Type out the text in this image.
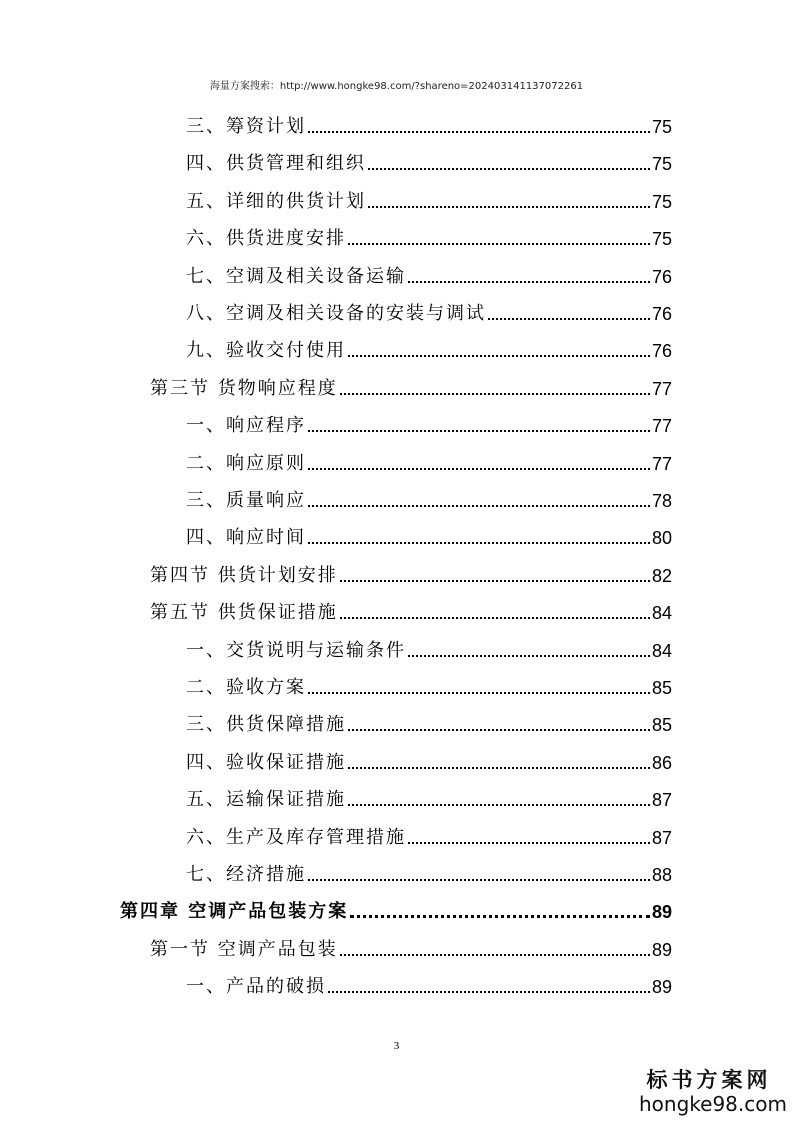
海量方案搜索：http://www.hongke98.com/?shareno=202403141137072261
三、筹资计划	75
四、供货管理和组织	75
五、详细的供货计划	75
六、供货进度安排	75
七、空调及相关设备运输	76
八、空调及相关设备的安装与调试	76
九、验收交付使用	76
第三节 货物响应程度	77
一、响应程序	77
二、响应原则	77
三、质量响应	78
四、响应时间	80
第四节 供货计划安排	82
第五节 供货保证措施	84
一、交货说明与运输条件	84
二、验收方案	85
三、供货保障措施	85
四、验收保证措施	86
五、运输保证措施	87
六、生产及库存管理措施	87
七、经济措施	88
第四章 空调产品包装方案	89
第一节 空调产品包装	89
一、产品的破损	89
3
标书方案网
hongke98.com
